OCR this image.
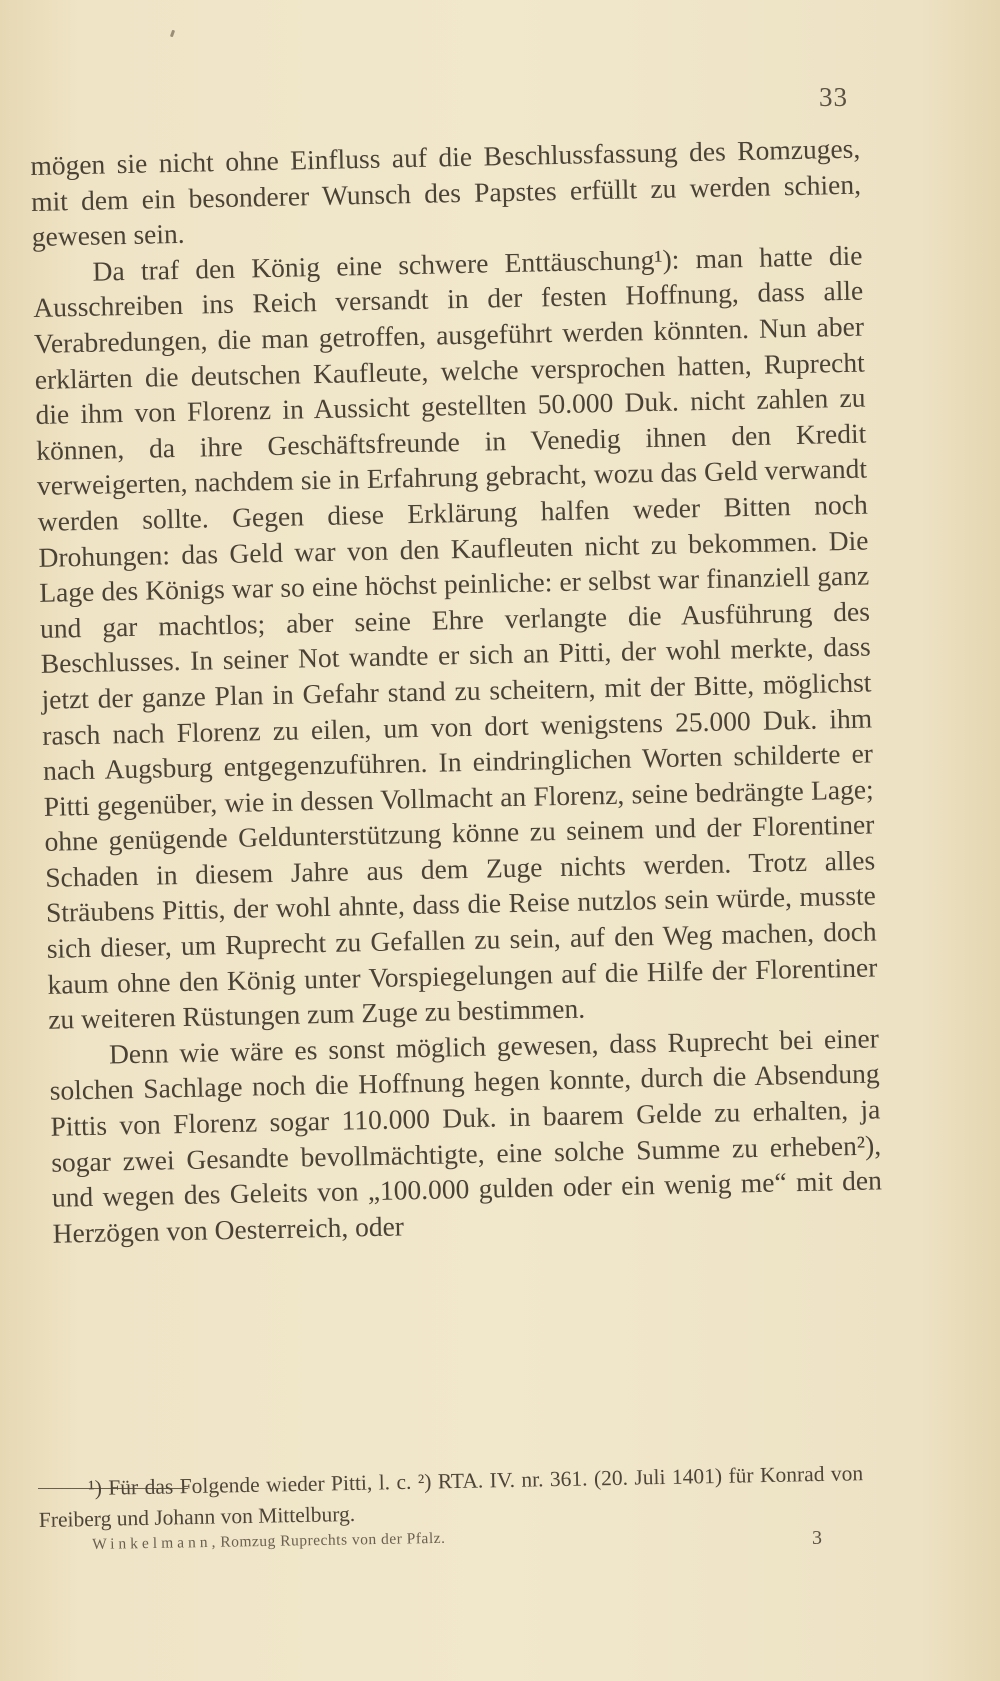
33

mögen sie nicht ohne Einfluss auf die Beschlussfassung des Romzuges, mit dem ein besonderer Wunsch des Papstes erfüllt zu werden schien, gewesen sein.

Da traf den König eine schwere Enttäuschung¹): man hatte die Ausschreiben ins Reich versandt in der festen Hoffnung, dass alle Verabredungen, die man getroffen, ausgeführt werden könnten. Nun aber erklärten die deutschen Kaufleute, welche versprochen hatten, Ruprecht die ihm von Florenz in Aussicht gestellten 50.000 Duk. nicht zahlen zu können, da ihre Geschäftsfreunde in Venedig ihnen den Kredit verweigerten, nachdem sie in Erfahrung gebracht, wozu das Geld verwandt werden sollte. Gegen diese Erklärung halfen weder Bitten noch Drohungen: das Geld war von den Kaufleuten nicht zu bekommen. Die Lage des Königs war so eine höchst peinliche: er selbst war finanziell ganz und gar machtlos; aber seine Ehre verlangte die Ausführung des Beschlusses. In seiner Not wandte er sich an Pitti, der wohl merkte, dass jetzt der ganze Plan in Gefahr stand zu scheitern, mit der Bitte, möglichst rasch nach Florenz zu eilen, um von dort wenigstens 25.000 Duk. ihm nach Augsburg entgegenzuführen. In eindringlichen Worten schilderte er Pitti gegenüber, wie in dessen Vollmacht an Florenz, seine bedrängte Lage; ohne genügende Geldunterstützung könne zu seinem und der Florentiner Schaden in diesem Jahre aus dem Zuge nichts werden. Trotz alles Sträubens Pittis, der wohl ahnte, dass die Reise nutzlos sein würde, musste sich dieser, um Ruprecht zu Gefallen zu sein, auf den Weg machen, doch kaum ohne den König unter Vorspiegelungen auf die Hilfe der Florentiner zu weiteren Rüstungen zum Zuge zu bestimmen.

Denn wie wäre es sonst möglich gewesen, dass Ruprecht bei einer solchen Sachlage noch die Hoffnung hegen konnte, durch die Absendung Pittis von Florenz sogar 110.000 Duk. in baarem Gelde zu erhalten, ja sogar zwei Gesandte bevollmächtigte, eine solche Summe zu erheben²), und wegen des Geleits von „100.000 gulden oder ein wenig me“ mit den Herzögen von Oesterreich, oder

¹) Für das Folgende wieder Pitti, l. c. ²) RTA. IV. nr. 361. (20. Juli 1401) für Konrad von Freiberg und Johann von Mittelburg.

3
Winkelmann, Romzug Ruprechts von der Pfalz.
